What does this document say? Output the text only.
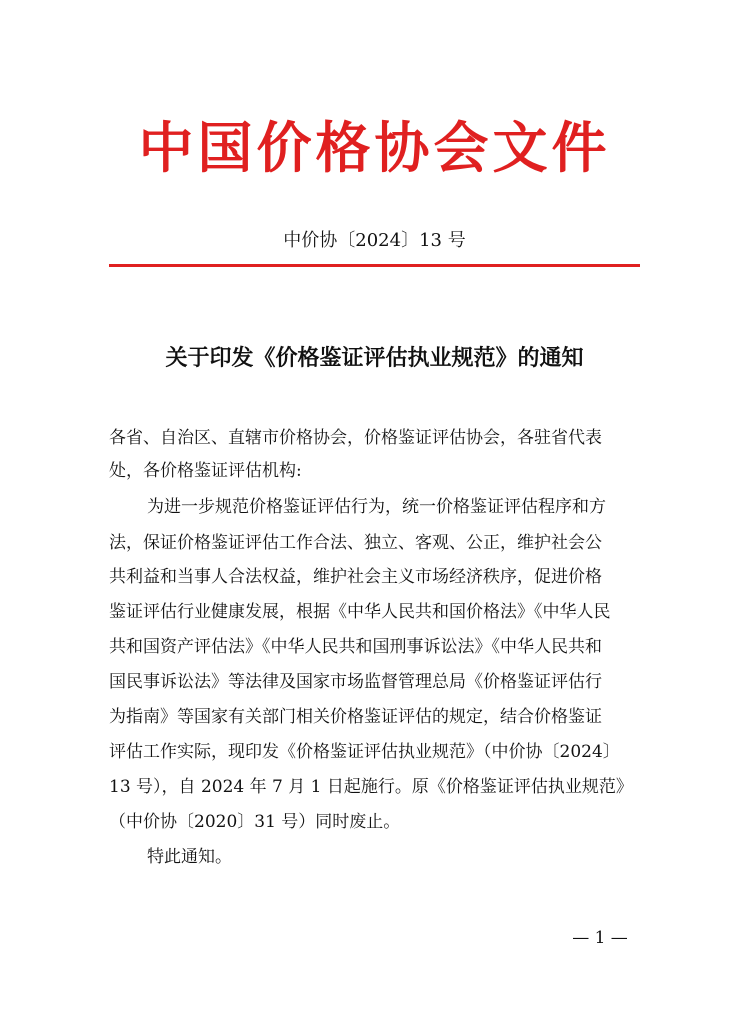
中国价格协会文件
中价协〔2024〕13 号
关于印发《价格鉴证评估执业规范》的通知
各省、自治区、直辖市价格协会，价格鉴证评估协会，各驻省代表
处，各价格鉴证评估机构:
为进一步规范价格鉴证评估行为，统一价格鉴证评估程序和方
法，保证价格鉴证评估工作合法、独立、客观、公正，维护社会公
共利益和当事人合法权益，维护社会主义市场经济秩序，促进价格
鉴证评估行业健康发展，根据《中华人民共和国价格法》《中华人民
共和国资产评估法》《中华人民共和国刑事诉讼法》《中华人民共和
国民事诉讼法》等法律及国家市场监督管理总局《价格鉴证评估行
为指南》等国家有关部门相关价格鉴证评估的规定，结合价格鉴证
评估工作实际，现印发《价格鉴证评估执业规范》（中价协〔2024〕
13 号），自 2024 年 7 月 1 日起施行。原《价格鉴证评估执业规范》
（中价协〔2020〕31 号）同时废止。
特此通知。
— 1 —
